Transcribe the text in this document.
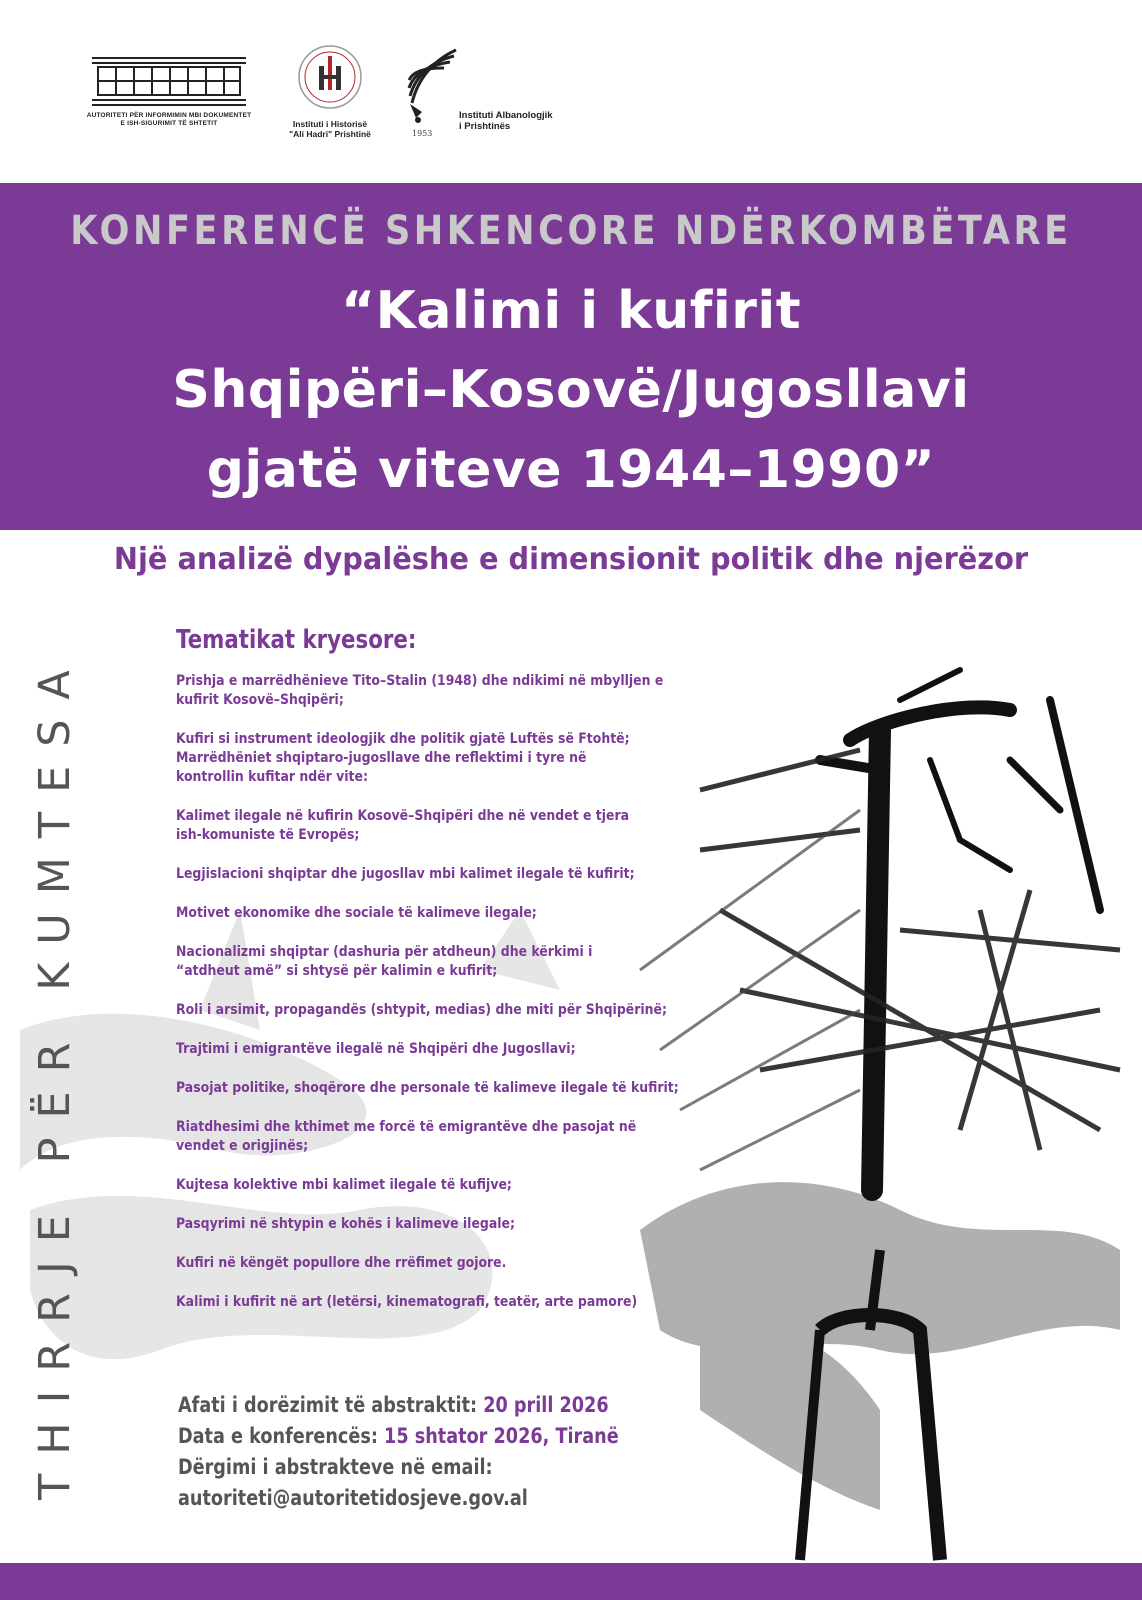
AUTORITETI PËR INFORMIMIN MBI DOKUMENTET E ISH-SIGURIMIT TË SHTETIT	Instituti i Historisë
"Ali Hadri" Prishtinë	1953
Instituti Albanologjik
i Prishtinës
KONFERENCË SHKENCORE NDËRKOMBËTARE
“Kalimi i kufirit
Shqipëri–Kosovë/Jugosllavi
gjatë viteve 1944–1990”
Një analizë dypalëshe e dimensionit politik dhe njerëzor
THIRRJE PËR KUMTESA
Tematikat kryesore:
Prishja e marrëdhënieve Tito–Stalin (1948) dhe ndikimi në mbylljen e kufirit Kosovë–Shqipëri;
Kufiri si instrument ideologjik dhe politik gjatë Luftës së Ftohtë; Marrëdhëniet shqiptaro-jugosllave dhe reflektimi i tyre në kontrollin kufitar ndër vite:
Kalimet ilegale në kufirin Kosovë–Shqipëri dhe në vendet e tjera ish-komuniste të Evropës;
Legjislacioni shqiptar dhe jugosllav mbi kalimet ilegale të kufirit;
Motivet ekonomike dhe sociale të kalimeve ilegale;
Nacionalizmi shqiptar (dashuria për atdheun) dhe kërkimi i “atdheut amë” si shtysë për kalimin e kufirit;
Roli i arsimit, propagandës (shtypit, medias) dhe miti për Shqipërinë;
Trajtimi i emigrantëve ilegalë në Shqipëri dhe Jugosllavi;
Pasojat politike, shoqërore dhe personale të kalimeve ilegale të kufirit;
Riatdhesimi dhe kthimet me forcë të emigrantëve dhe pasojat në vendet e origjinës;
Kujtesa kolektive mbi kalimet ilegale të kufijve;
Pasqyrimi në shtypin e kohës i kalimeve ilegale;
Kufiri në këngët popullore dhe rrëfimet gojore.
Kalimi i kufirit në art (letërsi, kinematografi, teatër, arte pamore)
Afati i dorëzimit të abstraktit: 20 prill 2026
Data e konferencës: 15 shtator 2026, Tiranë
Dërgimi i abstrakteve në email:
autoriteti@autoritetidosjeve.gov.al
